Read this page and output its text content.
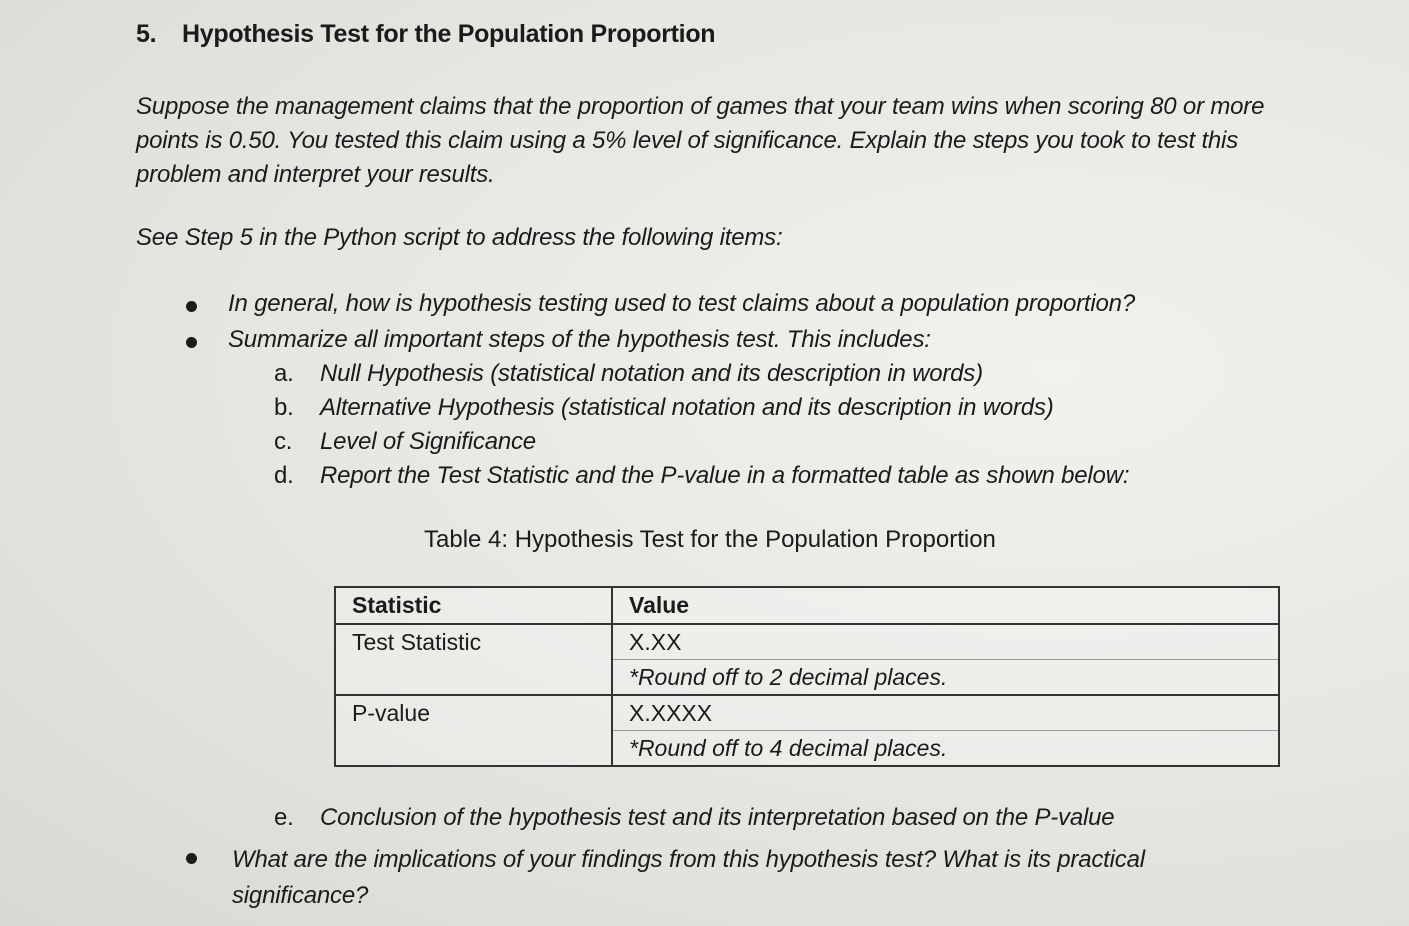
5. Hypothesis Test for the Population Proportion
Suppose the management claims that the proportion of games that your team wins when scoring 80 or more points is 0.50. You tested this claim using a 5% level of significance. Explain the steps you took to test this problem and interpret your results.
See Step 5 in the Python script to address the following items:
In general, how is hypothesis testing used to test claims about a population proportion?
Summarize all important steps of the hypothesis test. This includes:
a. Null Hypothesis (statistical notation and its description in words)
b. Alternative Hypothesis (statistical notation and its description in words)
c. Level of Significance
d. Report the Test Statistic and the P-value in a formatted table as shown below:
Table 4: Hypothesis Test for the Population Proportion
Statistic	Value
Test Statistic	X.XX
*Round off to 2 decimal places.

P-value	X.XXXX
*Round off to 4 decimal places.
e. Conclusion of the hypothesis test and its interpretation based on the P-value
What are the implications of your findings from this hypothesis test? What is its practical significance?
